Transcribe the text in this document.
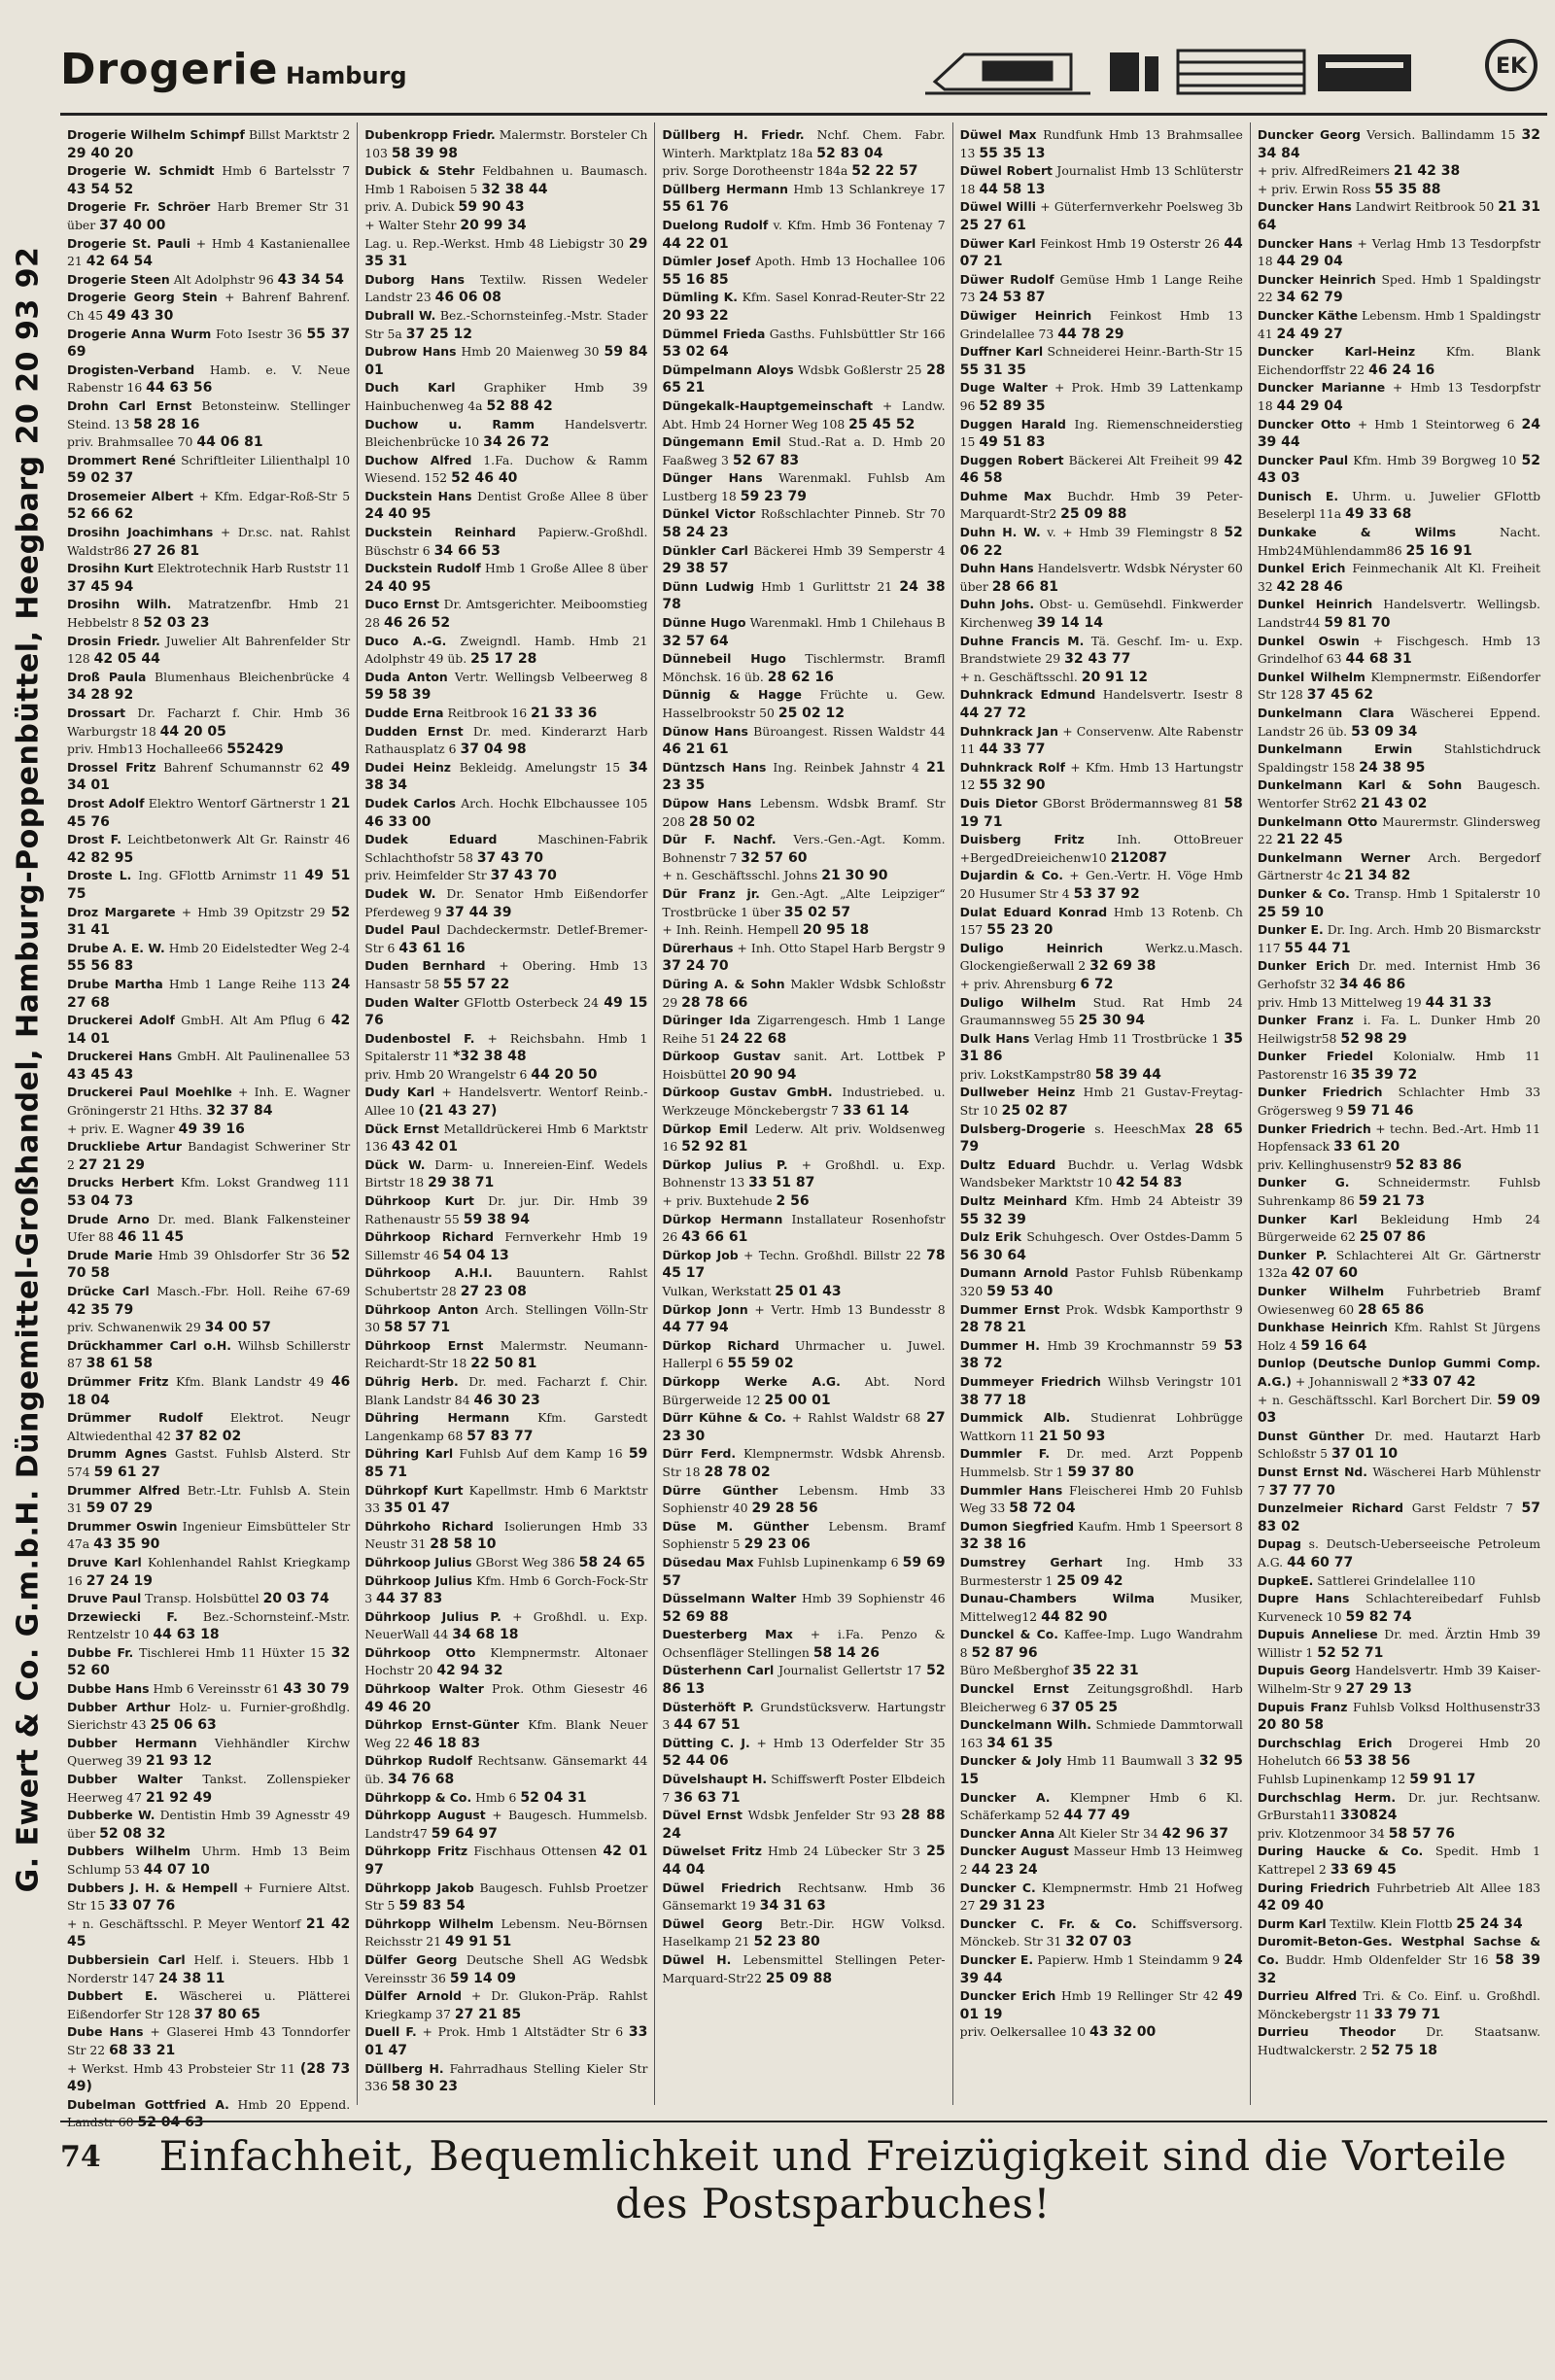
G. Ewert & Co. G.m.b.H. Düngemittel-Großhandel, Hamburg-Poppenbüttel, Heegbarg 20 20 93 92
Drogerie Hamburg	EK

Drogerie Wilhelm Schimpf Billst Marktstr 2 29 40 20

Drogerie W. Schmidt Hmb 6 Bartelsstr 7 43 54 52

Drogerie Fr. Schröer Harb Bremer Str 31 über 37 40 00

Drogerie St. Pauli + Hmb 4 Kastanienallee 21 42 64 54

Drogerie Steen Alt Adolphstr 96 43 34 54

Drogerie Georg Stein + Bahrenf Bahrenf. Ch 45 49 43 30

Drogerie Anna Wurm Foto Isestr 36 55 37 69

Drogisten-Verband Hamb. e. V. Neue Rabenstr 16 44 63 56

Drohn Carl Ernst Betonsteinw. Stellinger Steind. 13 58 28 16

priv. Brahmsallee 70 44 06 81

Drommert René Schriftleiter Lilienthalpl 10 59 02 37

Drosemeier Albert + Kfm. Edgar-Roß-Str 5 52 66 62

Drosihn Joachimhans + Dr.sc. nat. Rahlst Waldstr86 27 26 81

Drosihn Kurt Elektrotechnik Harb Ruststr 11 37 45 94

Drosihn Wilh. Matratzenfbr. Hmb 21 Hebbelstr 8 52 03 23

Drosin Friedr. Juwelier Alt Bahrenfelder Str 128 42 05 44

Droß Paula Blumenhaus Bleichenbrücke 4 34 28 92

Drossart Dr. Facharzt f. Chir. Hmb 36 Warburgstr 18 44 20 05

priv. Hmb13 Hochallee66 552429

Drossel Fritz Bahrenf Schumannstr 62 49 34 01

Drost Adolf Elektro Wentorf Gärtnerstr 1 21 45 76

Drost F. Leichtbetonwerk Alt Gr. Rainstr 46 42 82 95

Droste L. Ing. GFlottb Arnimstr 11 49 51 75

Droz Margarete + Hmb 39 Opitzstr 29 52 31 41

Drube A. E. W. Hmb 20 Eidelstedter Weg 2-4 55 56 83

Drube Martha Hmb 1 Lange Reihe 113 24 27 68

Druckerei Adolf GmbH. Alt Am Pflug 6 42 14 01

Druckerei Hans GmbH. Alt Paulinenallee 53 43 45 43

Druckerei Paul Moehlke + Inh. E. Wagner Gröningerstr 21 Hths. 32 37 84

+ priv. E. Wagner 49 39 16

Druckliebe Artur Bandagist Schweriner Str 2 27 21 29

Drucks Herbert Kfm. Lokst Grandweg 111 53 04 73

Drude Arno Dr. med. Blank Falkensteiner Ufer 88 46 11 45

Drude Marie Hmb 39 Ohlsdorfer Str 36 52 70 58

Drücke Carl Masch.-Fbr. Holl. Reihe 67-69 42 35 79

priv. Schwanenwik 29 34 00 57

Drückhammer Carl o.H. Wilhsb Schillerstr 87 38 61 58

Drümmer Fritz Kfm. Blank Landstr 49 46 18 04

Drümmer Rudolf Elektrot. Neugr Altwiedenthal 42 37 82 02

Drumm Agnes Gastst. Fuhlsb Alsterd. Str 574 59 61 27

Drummer Alfred Betr.-Ltr. Fuhlsb A. Stein 31 59 07 29

Drummer Oswin Ingenieur Eimsbütteler Str 47a 43 35 90

Druve Karl Kohlenhandel Rahlst Kriegkamp 16 27 24 19

Druve Paul Transp. Holsbüttel 20 03 74

Drzewiecki F. Bez.-Schornsteinf.-Mstr. Rentzelstr 10 44 63 18

Dubbe Fr. Tischlerei Hmb 11 Hüxter 15 32 52 60

Dubbe Hans Hmb 6 Vereinsstr 61 43 30 79

Dubber Arthur Holz- u. Furnier-großhdlg. Sierichstr 43 25 06 63

Dubber Hermann Viehhändler Kirchw Querweg 39 21 93 12

Dubber Walter Tankst. Zollenspieker Heerweg 47 21 92 49

Dubberke W. Dentistin Hmb 39 Agnesstr 49 über 52 08 32

Dubbers Wilhelm Uhrm. Hmb 13 Beim Schlump 53 44 07 10

Dubbers J. H. & Hempell + Furniere Altst. Str 15 33 07 76

+ n. Geschäftsschl. P. Meyer Wentorf 21 42 45

Dubbersiein Carl Helf. i. Steuers. Hbb 1 Norderstr 147 24 38 11

Dubbert E. Wäscherei u. Plätterei Eißendorfer Str 128 37 80 65

Dube Hans + Glaserei Hmb 43 Tonndorfer Str 22 68 33 21

+ Werkst. Hmb 43 Probsteier Str 11 (28 73 49)

Dubelman Gottfried A. Hmb 20 Eppend. Landstr 60 52 04 63

Dubenkropp Friedr. Malermstr. Borsteler Ch 103 58 39 98

Dubick & Stehr Feldbahnen u. Baumasch. Hmb 1 Raboisen 5 32 38 44

priv. A. Dubick 59 90 43

+ Walter Stehr 20 99 34

Lag. u. Rep.-Werkst. Hmb 48 Liebigstr 30 29 35 31

Duborg Hans Textilw. Rissen Wedeler Landstr 23 46 06 08

Dubrall W. Bez.-Schornsteinfeg.-Mstr. Stader Str 5a 37 25 12

Dubrow Hans Hmb 20 Maienweg 30 59 84 01

Duch Karl Graphiker Hmb 39 Hainbuchenweg 4a 52 88 42

Duchow u. Ramm Handelsvertr. Bleichenbrücke 10 34 26 72

Duchow Alfred 1.Fa. Duchow & Ramm Wiesend. 152 52 46 40

Duckstein Hans Dentist Große Allee 8 über 24 40 95

Duckstein Reinhard Papierw.-Großhdl. Büschstr 6 34 66 53

Duckstein Rudolf Hmb 1 Große Allee 8 über 24 40 95

Duco Ernst Dr. Amtsgerichter. Meiboomstieg 28 46 26 52

Duco A.-G. Zweigndl. Hamb. Hmb 21 Adolphstr 49 üb. 25 17 28

Duda Anton Vertr. Wellingsb Velbeerweg 8 59 58 39

Dudde Erna Reitbrook 16 21 33 36

Dudden Ernst Dr. med. Kinderarzt Harb Rathausplatz 6 37 04 98

Dudei Heinz Bekleidg. Amelungstr 15 34 38 34

Dudek Carlos Arch. Hochk Elbchaussee 105 46 33 00

Dudek Eduard	Maschinen-Fabrik Schlachthofstr 58 37 43 70

priv. Heimfelder Str 37 43 70

Dudek W. Dr. Senator Hmb Eißendorfer Pferdeweg 9 37 44 39

Dudel Paul Dachdeckermstr. Detlef-Bremer-Str 6 43 61 16

Duden Bernhard + Obering. Hmb 13 Hansastr 58 55 57 22

Duden Walter GFlottb Osterbeck 24 49 15 76

Dudenbostel F. + Reichsbahn. Hmb 1 Spitalerstr 11 *32 38 48

priv. Hmb 20 Wrangelstr 6 44 20 50

Dudy Karl + Handelsvertr. Wentorf Reinb.-Allee 10 (21 43 27)

Dück Ernst Metalldrückerei Hmb 6 Marktstr 136 43 42 01

Dück W. Darm- u. Innereien-Einf. Wedels Birtstr 18 29 38 71

Dührkoop Kurt Dr. jur. Dir. Hmb 39 Rathenaustr 55 59 38 94

Dührkoop Richard Fernverkehr Hmb 19 Sillemstr 46 54 04 13

Dührkoop A.H.I. Bauuntern. Rahlst Schubertstr 28 27 23 08

Dührkoop Anton Arch. Stellingen Völln-Str 30 58 57 71

Dührkoop Ernst Malermstr. Neumann-Reichardt-Str 18 22 50 81

Dührig Herb. Dr. med. Facharzt f. Chir. Blank Landstr 84 46 30 23

Dühring Hermann Kfm. Garstedt Langenkamp 68 57 83 77

Dühring Karl Fuhlsb Auf dem Kamp 16 59 85 71

Dührkopf Kurt Kapellmstr. Hmb 6 Marktstr 33 35 01 47

Dührkoho Richard Isolierungen Hmb 33 Neustr 31 28 58 10

Dührkoop Julius GBorst Weg 386 58 24 65

Dührkoop Julius Kfm. Hmb 6 Gorch-Fock-Str 3 44 37 83

Dührkoop Julius P. + Großhdl. u. Exp. NeuerWall 44 34 68 18

Dührkoop Otto Klempnermstr. Altonaer Hochstr 20 42 94 32

Dührkoop Walter Prok. Othm Giesestr 46 49 46 20

Dührkop Ernst-Günter Kfm. Blank Neuer Weg 22 46 18 83

Dührkop Rudolf Rechtsanw. Gänsemarkt 44 üb. 34 76 68

Dührkopp & Co. Hmb 6 52 04 31

Dührkopp August + Baugesch. Hummelsb. Landstr47 59 64 97

Dührkopp Fritz Fischhaus Ottensen 42 01 97

Dührkopp Jakob Baugesch. Fuhlsb Proetzer Str 5 59 83 54

Dührkopp Wilhelm Lebensm. Neu-Börnsen Reichsstr 21 49 91 51

Dülfer Georg Deutsche Shell AG Wedsbk Vereinsstr 36 59 14 09

Dülfer Arnold + Dr. Glukon-Präp. Rahlst Kriegkamp 37 27 21 85

Duell F. + Prok. Hmb 1 Altstädter Str 6 33 01 47

Düllberg H. Fahrradhaus Stelling Kieler Str 336 58 30 23

Düllberg H. Friedr. Nchf. Chem. Fabr. Winterh. Marktplatz 18a 52 83 04

priv. Sorge Dorotheenstr 184a 52 22 57

Düllberg Hermann Hmb 13 Schlankreye 17 55 61 76

Duelong Rudolf v. Kfm. Hmb 36 Fontenay 7 44 22 01

Dümler Josef Apoth. Hmb 13 Hochallee 106 55 16 85

Dümling K. Kfm. Sasel Konrad-Reuter-Str 22 20 93 22

Dümmel Frieda Gasths. Fuhlsbüttler Str 166 53 02 64

Dümpelmann Aloys Wdsbk Goßlerstr 25 28 65 21

Düngekalk-Hauptgemeinschaft + Landw. Abt. Hmb 24 Horner Weg 108 25 45 52

Düngemann Emil Stud.-Rat a. D. Hmb 20 Faaßweg 3 52 67 83

Dünger Hans Warenmakl. Fuhlsb Am Lustberg 18 59 23 79

Dünkel Victor Roßschlachter Pinneb. Str 70 58 24 23

Dünkler Carl Bäckerei Hmb 39 Semperstr 4 29 38 57

Dünn Ludwig Hmb 1 Gurlittstr 21 24 38 78

Dünne Hugo Warenmakl. Hmb 1 Chilehaus B 32 57 64

Dünnebeil Hugo Tischlermstr. Bramfl Mönchsk. 16 üb. 28 62 16

Dünnig & Hagge Früchte u. Gew. Hasselbrookstr 50 25 02 12

Dünow Hans Büroangest. Rissen Waldstr 44 46 21 61

Düntzsch Hans Ing. Reinbek Jahnstr 4 21 23 35

Düpow Hans Lebensm. Wdsbk Bramf. Str 208 28 50 02

Dür F. Nachf. Vers.-Gen.-Agt. Komm. Bohnenstr 7 32 57 60

+ n. Geschäftsschl. Johns 21 30 90

Dür Franz jr. Gen.-Agt. „Alte Leipziger“ Trostbrücke 1 über 35 02 57

+ Inh. Reinh. Hempell 20 95 18

Dürerhaus + Inh. Otto Stapel Harb Bergstr 9 37 24 70

Düring A. & Sohn Makler Wdsbk Schloßstr 29 28 78 66

Düringer Ida Zigarrengesch. Hmb 1 Lange Reihe 51 24 22 68

Dürkoop Gustav sanit. Art. Lottbek P Hoisbüttel 20 90 94

Dürkoop Gustav GmbH. Industriebed. u. Werkzeuge Mönckebergstr 7 33 61 14

Dürkop Emil Lederw. Alt priv. Woldsenweg 16 52 92 81

Dürkop Julius P. + Großhdl. u. Exp. Bohnenstr 13 33 51 87

+ priv. Buxtehude 2 56

Dürkop Hermann Installateur Rosenhofstr 26 43 66 61

Dürkop Job + Techn. Großhdl. Billstr 22 78 45 17

Vulkan, Werkstatt 25 01 43

Dürkop Jonn + Vertr. Hmb 13 Bundesstr 8 44 77 94

Dürkop Richard Uhrmacher u. Juwel. Hallerpl 6 55 59 02

Dürkopp Werke A.G. Abt. Nord Bürgerweide 12 25 00 01

Dürr Kühne & Co. + Rahlst Waldstr 68 27 23 30

Dürr Ferd. Klempnermstr. Wdsbk Ahrensb. Str 18 28 78 02

Dürre Günther Lebensm. Hmb 33 Sophienstr 40 29 28 56

Düse M. Günther Lebensm. Bramf Sophienstr 5 29 23 06

Düsedau Max Fuhlsb Lupinenkamp 6 59 69 57

Düsselmann Walter Hmb 39 Sophienstr 46 52 69 88

Duesterberg Max + i.Fa. Penzo & Ochsenfläger Stellingen 58 14 26

Düsterhenn Carl Journalist Gellertstr 17 52 86 13

Düsterhöft P. Grundstücksverw. Hartungstr 3 44 67 51

Dütting C. J. + Hmb 13 Oderfelder Str 35 52 44 06

Düvelshaupt H. Schiffswerft Poster Elbdeich 7 36 63 71

Düvel Ernst Wdsbk Jenfelder Str 93 28 88 24

Düwelset Fritz Hmb 24 Lübecker Str 3 25 44 04

Düwel Friedrich Rechtsanw. Hmb 36 Gänsemarkt 19 34 31 63

Düwel Georg Betr.-Dir. HGW Volksd. Haselkamp 21 52 23 80

Düwel H. Lebensmittel Stellingen Peter-Marquard-Str22 25 09 88

Düwel Max Rundfunk Hmb 13 Brahmsallee 13 55 35 13

Düwel Robert Journalist Hmb 13 Schlüterstr 18 44 58 13

Düwel Willi + Güterfernverkehr Poelsweg 3b 25 27 61

Düwer Karl Feinkost Hmb 19 Osterstr 26 44 07 21

Düwer Rudolf Gemüse Hmb 1 Lange Reihe 73 24 53 87

Düwiger Heinrich Feinkost Hmb 13 Grindelallee 73 44 78 29

Duffner Karl Schneiderei Heinr.-Barth-Str 15 55 31 35

Duge Walter + Prok. Hmb 39 Lattenkamp 96 52 89 35

Duggen Harald Ing. Riemenschneiderstieg 15 49 51 83

Duggen Robert Bäckerei Alt Freiheit 99 42 46 58

Duhme Max Buchdr. Hmb 39 Peter-Marquardt-Str2 25 09 88

Duhn H. W. v. + Hmb 39 Flemingstr 8 52 06 22

Duhn Hans Handelsvertr. Wdsbk Néryster 60 über 28 66 81

Duhn Johs. Obst- u. Gemüsehdl. Finkwerder Kirchenweg 39 14 14

Duhne Francis M. Tä. Geschf. Im- u. Exp. Brandstwiete 29 32 43 77

+ n. Geschäftsschl. 20 91 12

Duhnkrack Edmund Handelsvertr. Isestr 8 44 27 72

Duhnkrack Jan + Conservenw. Alte Rabenstr 11 44 33 77

Duhnkrack Rolf + Kfm. Hmb 13 Hartungstr 12 55 32 90

Duis Dietor GBorst Brödermannsweg 81 58 19 71

Duisberg Fritz	Inh. OttoBreuer +BergedDreieichenw10 212087

Dujardin & Co. + Gen.-Vertr. H. Vöge Hmb 20 Husumer Str 4 53 37 92

Dulat Eduard Konrad Hmb 13 Rotenb. Ch 157 55 23 20

Duligo Heinrich	Werkz.u.Masch. Glockengießerwall 2 32 69 38

+ priv. Ahrensburg 6 72

Duligo Wilhelm Stud. Rat Hmb 24 Graumannsweg 55 25 30 94

Dulk Hans Verlag Hmb 11 Trostbrücke 1 35 31 86

priv. LokstKampstr80 58 39 44

Dullweber Heinz Hmb 21 Gustav-Freytag-Str 10 25 02 87

Dulsberg-Drogerie s. HeeschMax 28 65 79

Dultz Eduard Buchdr. u. Verlag Wdsbk Wandsbeker Marktstr 10 42 54 83

Dultz Meinhard Kfm. Hmb 24 Abteistr 39 55 32 39

Dulz Erik Schuhgesch. Over Ostdes-Damm 5 56 30 64

Dumann Arnold Pastor Fuhlsb Rübenkamp 320 59 53 40

Dummer Ernst Prok. Wdsbk Kamporthstr 9 28 78 21

Dummer H. Hmb 39 Krochmannstr 59 53 38 72

Dummeyer Friedrich Wilhsb Veringstr 101 38 77 18

Dummick Alb. Studienrat Lohbrügge Wattkorn 11 21 50 93

Dummler F. Dr. med. Arzt Poppenb Hummelsb. Str 1 59 37 80

Dummler Hans Fleischerei Hmb 20 Fuhlsb Weg 33 58 72 04

Dumon Siegfried Kaufm. Hmb 1 Speersort 8 32 38 16

Dumstrey Gerhart Ing. Hmb 33 Burmesterstr 1 25 09 42

Dunau-Chambers Wilma	Musiker, Mittelweg12 44 82 90

Dunckel & Co. Kaffee-Imp. Lugo Wandrahm 8 52 87 96

Büro Meßberghof 35 22 31

Dunckel Ernst Zeitungsgroßhdl. Harb Bleicherweg 6 37 05 25

Dunckelmann Wilh. Schmiede Dammtorwall 163 34 61 35

Duncker & Joly Hmb 11 Baumwall 3 32 95 15

Duncker A. Klempner Hmb 6 Kl. Schäferkamp 52 44 77 49

Duncker Anna Alt Kieler Str 34 42 96 37

Duncker August Masseur Hmb 13 Heimweg 2 44 23 24

Duncker C. Klempnermstr. Hmb 21 Hofweg 27 29 31 23

Duncker C. Fr. & Co. Schiffsversorg. Mönckeb. Str 31 32 07 03

Duncker E. Papierw. Hmb 1 Steindamm 9 24 39 44

Duncker Erich Hmb 19 Rellinger Str 42 49 01 19

priv. Oelkersallee 10 43 32 00

Duncker Georg Versich. Ballindamm 15 32 34 84

+ priv. AlfredReimers 21 42 38

+ priv. Erwin Ross 55 35 88

Duncker Hans Landwirt Reitbrook 50 21 31 64

Duncker Hans + Verlag Hmb 13 Tesdorpfstr 18 44 29 04

Duncker Heinrich Sped. Hmb 1 Spaldingstr 22 34 62 79

Duncker Käthe Lebensm. Hmb 1 Spaldingstr 41 24 49 27

Duncker Karl-Heinz	Kfm. Blank Eichendorffstr 22 46 24 16

Duncker Marianne + Hmb 13 Tesdorpfstr 18 44 29 04

Duncker Otto + Hmb 1 Steintorweg 6 24 39 44

Duncker Paul Kfm. Hmb 39 Borgweg 10 52 43 03

Dunisch E. Uhrm. u. Juwelier GFlottb Beselerpl 11a 49 33 68

Dunkake & Wilms	Nacht. Hmb24Mühlendamm86 25 16 91

Dunkel Erich Feinmechanik Alt Kl. Freiheit 32 42 28 46

Dunkel Heinrich Handelsvertr. Wellingsb. Landstr44 59 81 70

Dunkel Oswin + Fischgesch. Hmb 13 Grindelhof 63 44 68 31

Dunkel Wilhelm Klempnermstr. Eißendorfer Str 128 37 45 62

Dunkelmann Clara Wäscherei Eppend. Landstr 26 üb. 53 09 34

Dunkelmann Erwin	Stahlstichdruck Spaldingstr 158 24 38 95

Dunkelmann Karl & Sohn Baugesch. Wentorfer Str62 21 43 02

Dunkelmann Otto Maurermstr. Glindersweg 22 21 22 45

Dunkelmann Werner Arch. Bergedorf Gärtnerstr 4c 21 34 82

Dunker & Co. Transp. Hmb 1 Spitalerstr 10 25 59 10

Dunker E. Dr. Ing. Arch. Hmb 20 Bismarckstr 117 55 44 71

Dunker Erich Dr. med. Internist Hmb 36 Gerhofstr 32 34 46 86

priv. Hmb 13 Mittelweg 19 44 31 33

Dunker Franz i. Fa. L. Dunker Hmb 20 Heilwigstr58 52 98 29

Dunker Friedel Kolonialw. Hmb 11 Pastorenstr 16 35 39 72

Dunker Friedrich Schlachter Hmb 33 Grögersweg 9 59 71 46

Dunker Friedrich + techn. Bed.-Art. Hmb 11 Hopfensack 33 61 20

priv. Kellinghusenstr9 52 83 86

Dunker G. Schneidermstr. Fuhlsb Suhrenkamp 86 59 21 73

Dunker Karl Bekleidung Hmb 24 Bürgerweide 62 25 07 86

Dunker P. Schlachterei Alt Gr. Gärtnerstr 132a 42 07 60

Dunker Wilhelm Fuhrbetrieb Bramf Owiesenweg 60 28 65 86

Dunkhase Heinrich Kfm. Rahlst St Jürgens Holz 4 59 16 64

Dunlop (Deutsche Dunlop Gummi Comp. A.G.) + Johanniswall 2 *33 07 42

+ n. Geschäftsschl. Karl Borchert Dir. 59 09 03

Dunst Günther Dr. med. Hautarzt Harb Schloßstr 5 37 01 10

Dunst Ernst Nd. Wäscherei Harb Mühlenstr 7 37 77 70

Dunzelmeier Richard Garst Feldstr 7 57 83 02

Dupag s. Deutsch-Ueberseeische Petroleum A.G. 44 60 77

DupkeE. Sattlerei Grindelallee 110

Dupre Hans Schlachtereibedarf Fuhlsb Kurveneck 10 59 82 74

Dupuis Anneliese Dr. med. Ärztin Hmb 39 Willistr 1 52 52 71

Dupuis Georg Handelsvertr. Hmb 39 Kaiser-Wilhelm-Str 9 27 29 13

Dupuis Franz Fuhlsb Volksd Holthusenstr33 20 80 58

Durchschlag Erich Drogerei Hmb 20 Hohelutch 66 53 38 56

Fuhlsb Lupinenkamp 12 59 91 17

Durchschlag Herm. Dr. jur. Rechtsanw. GrBurstah11 330824

priv. Klotzenmoor 34 58 57 76

During Haucke & Co. Spedit. Hmb 1 Kattrepel 2 33 69 45

During Friedrich Fuhrbetrieb Alt Allee 183 42 09 40

Durm Karl Textilw. Klein Flottb 25 24 34

Duromit-Beton-Ges. Westphal Sachse & Co. Buddr. Hmb Oldenfelder Str 16 58 39 32

Durrieu Alfred Tri. & Co. Einf. u. Großhdl. Mönckebergstr 11 33 79 71

Durrieu Theodor	Dr. Staatsanw. Hudtwalckerstr. 2 52 75 18

74	Einfachheit, Bequemlichkeit und Freizügigkeit sind die Vorteile des Postsparbuches!
